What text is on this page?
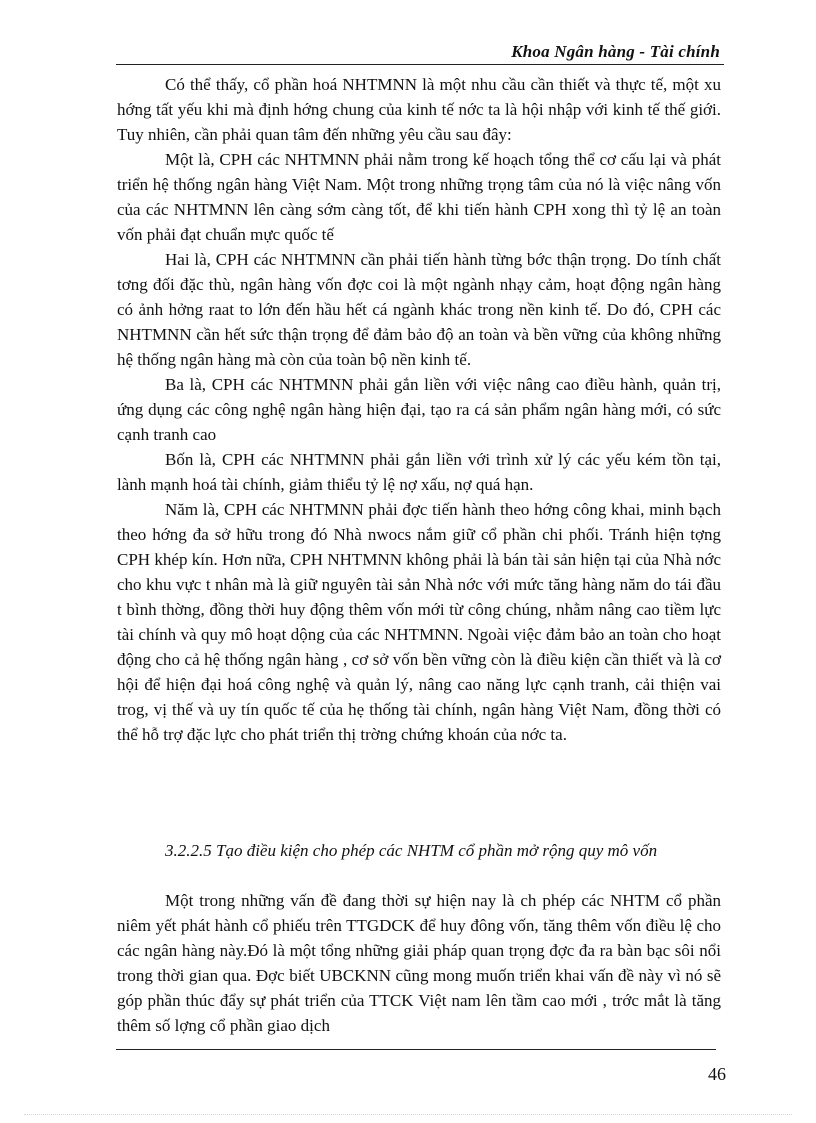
Khoa Ngân hàng - Tài chính

Có thể thấy, cổ phần hoá NHTMNN là một nhu cầu cần thiết và thực tế, một xu hớng tất yếu khi mà định hớng chung của kinh tế nớc ta là hội nhập với kinh tế thế giới. Tuy nhiên, cần phải quan tâm đến những yêu cầu sau đây:

Một là, CPH các NHTMNN phải nằm trong kế hoạch tổng thể cơ cấu lại và phát triển hệ thống ngân hàng Việt Nam. Một trong những trọng tâm của nó là việc nâng vốn của các NHTMNN lên càng sớm càng tốt, để khi tiến hành CPH xong thì tỷ lệ an toàn vốn phải đạt chuẩn mực quốc tế

Hai là, CPH các NHTMNN cần phải tiến hành từng bớc thận trọng. Do tính chất tơng đối đặc thù, ngân hàng vốn đợc coi là một ngành nhạy cảm, hoạt động ngân hàng có ảnh hởng raat to lớn đến hầu hết cá ngành khác trong nền kinh tế. Do đó, CPH các NHTMNN cần hết sức thận trọng để đảm bảo độ an toàn và bền vững của không những hệ thống ngân hàng mà còn của toàn bộ nền kinh tế.

Ba là, CPH các NHTMNN phải gắn liền với việc nâng cao điều hành, quản trị, ứng dụng các công nghệ ngân hàng hiện đại, tạo ra cá sản phẩm ngân hàng mới, có sức cạnh tranh cao

Bốn là, CPH các NHTMNN phải gắn liền với trình xử lý các yếu kém tồn tại, lành mạnh hoá tài chính, giảm thiểu tỷ lệ nợ xấu, nợ quá hạn.

Năm là, CPH các NHTMNN phải đợc tiến hành theo hớng công khai, minh bạch theo hớng đa sở hữu trong đó Nhà nwocs nắm giữ cổ phần chi phối. Tránh hiện tợng CPH khép kín. Hơn nữa, CPH NHTMNN không phải là bán tài sản hiện tại của Nhà nớc cho khu vực t nhân mà là giữ nguyên tài sản Nhà nớc với mức tăng hàng năm do tái đầu t bình thờng, đồng thời huy động thêm vốn mới từ công chúng, nhằm nâng cao tiềm lực tài chính và quy mô hoạt dộng của các NHTMNN. Ngoài việc đảm bảo an toàn cho hoạt động cho cả hệ thống ngân hàng , cơ sở vốn bền vững còn là điều kiện cần thiết và là cơ hội để hiện đại hoá công nghệ và quản lý, nâng cao năng lực cạnh tranh, cải thiện vai trog, vị thế và uy tín quốc tế của hẹ thống tài chính, ngân hàng Việt Nam, đồng thời có thể hỗ trợ đặc lực cho phát triển thị trờng chứng khoán của nớc ta.

3.2.2.5 Tạo điều kiện cho phép các NHTM cổ phần mở rộng quy mô vốn

Một trong những vấn đề đang thời sự hiện nay là ch phép các NHTM cổ phần niêm yết phát hành cổ phiếu trên TTGDCK để huy đông vốn, tăng thêm vốn điều lệ cho các ngân hàng này.Đó là một tổng những giải pháp quan trọng đợc đa ra bàn bạc sôi nổi trong thời gian qua. Đợc biết UBCKNN cũng mong muốn triển khai vấn đề này vì nó sẽ góp phần thúc đẩy sự phát triển của TTCK Việt nam lên tầm cao mới , trớc mắt là tăng thêm số lợng cổ phần giao dịch

46
